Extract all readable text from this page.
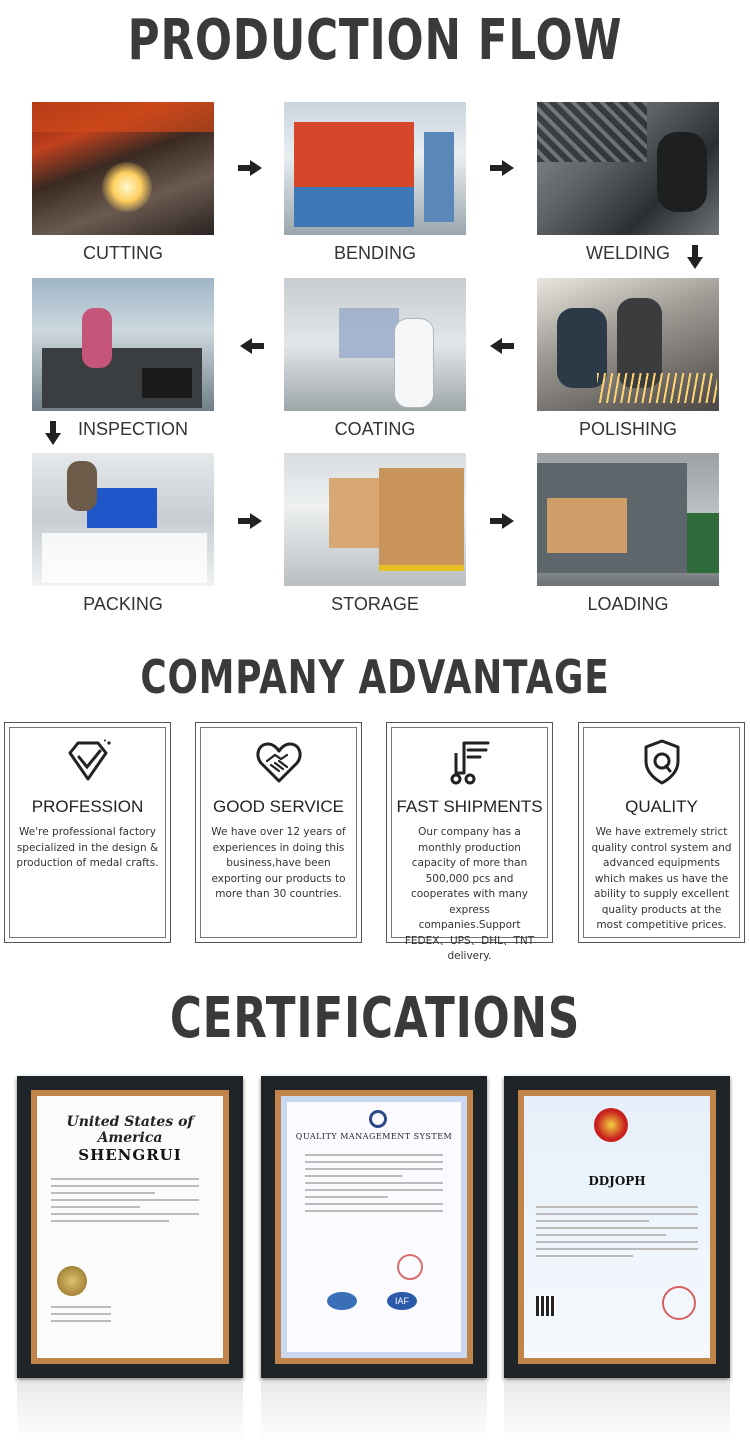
PRODUCTION FLOW
COMPANY ADVANTAGE
CERTIFICATIONS
CUTTING	BENDING	WELDING
INSPECTION	COATING	POLISHING
PACKING	STORAGE	LOADING
PROFESSION
We're professional factory specialized in the design & production of medal crafts.
GOOD SERVICE
We have over 12 years of experiences in doing this business,have been exporting our products to more than 30 countries.
FAST SHIPMENTS
Our company has a monthly production capacity of more than 500,000 pcs and cooperates with many express companies.Support FEDEX、UPS、DHL、TNT delivery.
QUALITY
We have extremely strict quality control system and advanced equipments which makes us have the ability to supply excellent quality products at the most competitive prices.
United States of America
SHENGRUI
QUALITY MANAGEMENT SYSTEM
IAF
DDJOPH
